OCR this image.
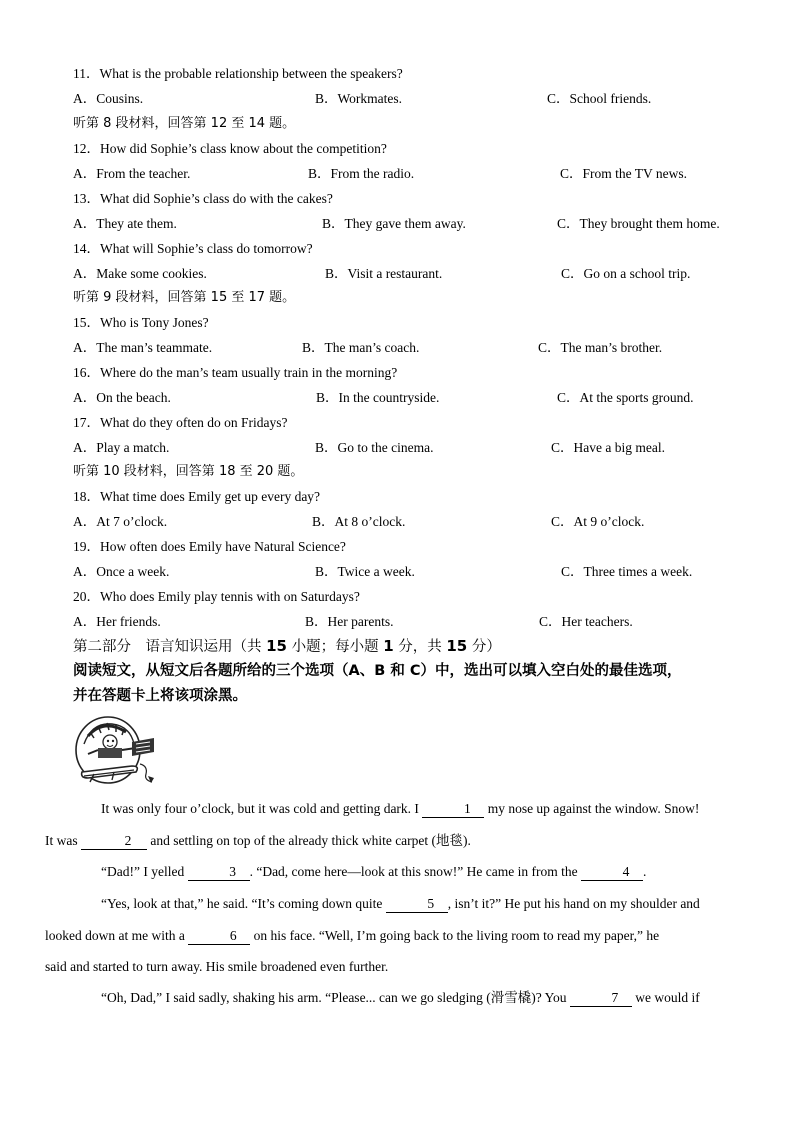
11．What is the probable relationship between the speakers?
A．Cousins.	B．Workmates.	C．School friends.
听第 8 段材料，回答第 12 至 14 题。
12．How did Sophie’s class know about the competition?
A．From the teacher.	B．From the radio.	C．From the TV news.
13．What did Sophie’s class do with the cakes?
A．They ate them.	B．They gave them away.	C．They brought them home.
14．What will Sophie’s class do tomorrow?
A．Make some cookies.	B．Visit a restaurant.	C．Go on a school trip.
听第 9 段材料，回答第 15 至 17 题。
15．Who is Tony Jones?
A．The man’s teammate.	B．The man’s coach.	C．The man’s brother.
16．Where do the man’s team usually train in the morning?
A．On the beach.	B．In the countryside.	C．At the sports ground.
17．What do they often do on Fridays?
A．Play a match.	B．Go to the cinema.	C．Have a big meal.
听第 10 段材料，回答第 18 至 20 题。
18．What time does Emily get up every day?
A．At 7 o’clock.	B．At 8 o’clock.	C．At 9 o’clock.
19．How often does Emily have Natural Science?
A．Once a week.	B．Twice a week.	C．Three times a week.
20．Who does Emily play tennis with on Saturdays?
A．Her friends.	B．Her parents.	C．Her teachers.
第二部分　语言知识运用（共 15 小题；每小题 1 分，共 15 分）
阅读短文，从短文后各题所给的三个选项（A、B 和 C）中，选出可以填入空白处的最佳选项，
并在答题卡上将该项涂黑。
It was only four o’clock, but it was cold and getting dark. I	1 my nose up against the window. Snow!
It was	2 and settling on top of the already thick white carpet (地毯).
“Dad!” I yelled	3 . “Dad, come here—look at this snow!” He came in from the	4 .
“Yes, look at that,” he said. “It’s coming down quite	5 , isn’t it?” He put his hand on my shoulder and
looked down at me with a	6 on his face. “Well, I’m going back to the living room to read my paper,” he
said and started to turn away. His smile broadened even further.
“Oh, Dad,” I said sadly, shaking his arm. “Please... can we go sledging (滑雪橇)? You	7 we would if
